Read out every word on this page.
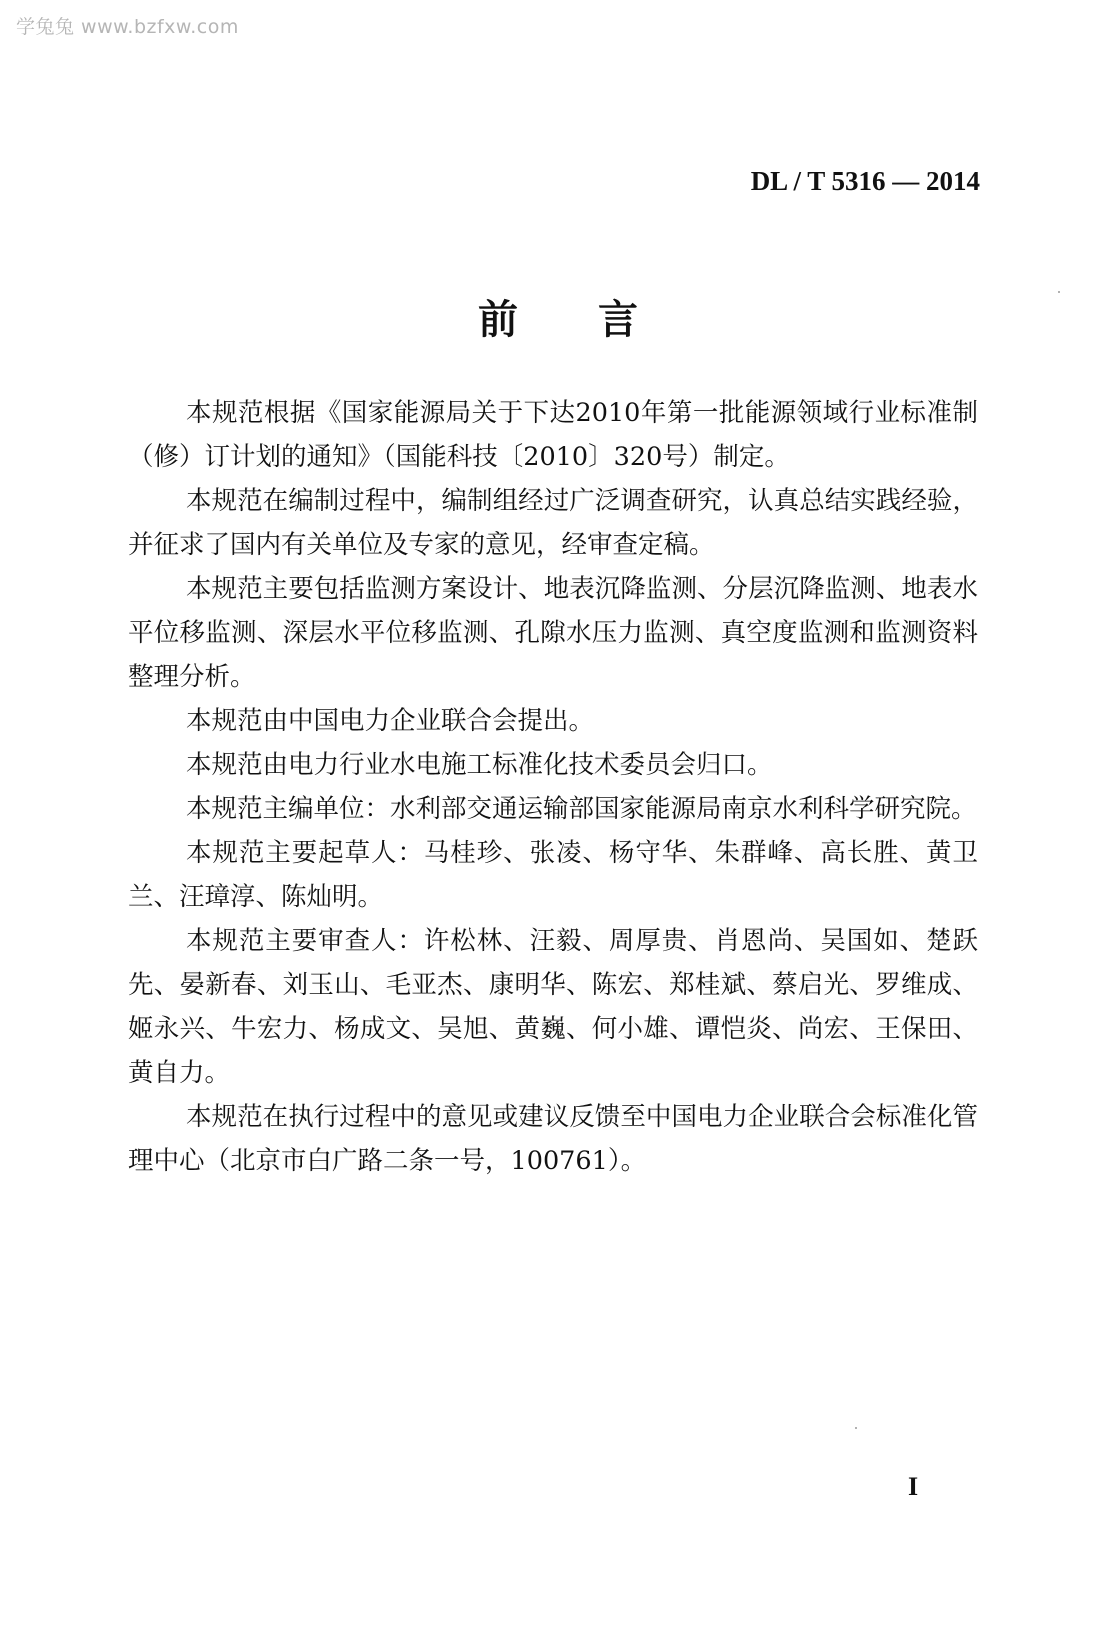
学兔兔 www.bzfxw.com
DL / T 5316 — 2014
前言

本规范根据《国家能源局关于下达2010年第一批能源领域行业标准制（修）订计划的通知》（国能科技〔2010〕320号）制定。

本规范在编制过程中，编制组经过广泛调查研究，认真总结实践经验，并征求了国内有关单位及专家的意见，经审查定稿。

本规范主要包括监测方案设计、地表沉降监测、分层沉降监测、地表水平位移监测、深层水平位移监测、孔隙水压力监测、真空度监测和监测资料整理分析。

本规范由中国电力企业联合会提出。

本规范由电力行业水电施工标准化技术委员会归口。

本规范主编单位：水利部交通运输部国家能源局南京水利科学研究院。

本规范主要起草人：马桂珍、张凌、杨守华、朱群峰、高长胜、黄卫兰、汪璋淳、陈灿明。

本规范主要审查人：许松林、汪毅、周厚贵、肖恩尚、吴国如、楚跃先、晏新春、刘玉山、毛亚杰、康明华、陈宏、郑桂斌、蔡启光、罗维成、姬永兴、牛宏力、杨成文、吴旭、黄巍、何小雄、谭恺炎、尚宏、王保田、黄自力。

本规范在执行过程中的意见或建议反馈至中国电力企业联合会标准化管理中心（北京市白广路二条一号，100761）。

I
